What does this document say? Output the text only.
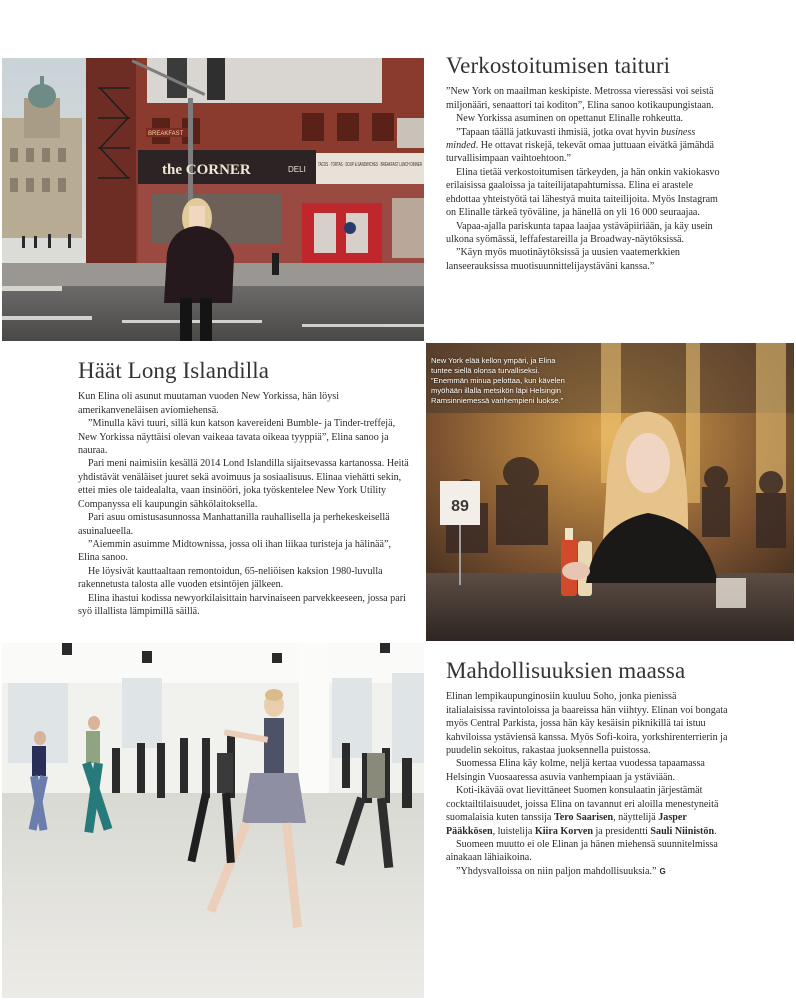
BREAKFAST
the CORNER	DELI TACOS · TORTAS · SOUP & SANDWICHES · BREAKFAST LUNCH DINNER
Verkostoitumisen taituri

”New York on maailman keskipiste. Metrossa vieressäsi voi seistä miljonääri, senaattori tai koditon”, Elina sanoo kotikaupungistaan.

New Yorkissa asuminen on opettanut Elinalle rohkeutta.

”Tapaan täällä jatkuvasti ihmisiä, jotka ovat hyvin business minded. He ottavat riskejä, tekevät omaa juttuaan eivätkä jämähdä turvallisimpaan vaihtoehtoon.”

Elina tietää verkostoitumisen tärkeyden, ja hän onkin vakiokasvo erilaisissa gaaloissa ja taiteilijatapahtumissa. Elina ei arastele ehdottaa yhteistyötä tai lähestyä muita taiteilijoita. Myös Instagram on Elinalle tärkeä työväline, ja hänellä on yli 16 000 seuraajaa.

Vapaa-ajalla pariskunta tapaa laajaa ystäväpiiriään, ja käy usein ulkona syömässä, leffafestareilla ja Broadway-näytöksissä.

”Käyn myös muotinäytöksissä ja uusien vaatemerkkien lanseerauksissa muotisuunnittelijaystäväni kanssa.”

Häät Long Islandilla

Kun Elina oli asunut muutaman vuoden New Yorkissa, hän löysi amerikanveneläisen aviomiehensä.

”Minulla kävi tuuri, sillä kun katson kavereideni Bumble- ja Tinder-treffejä, New Yorkissa näyttäisi olevan vaikeaa tavata oikeaa tyyppiä”, Elina sanoo ja nauraa.

Pari meni naimisiin kesällä 2014 Lond Islandilla sijaitsevassa kartanossa. Heitä yhdistävät venäläiset juuret sekä avoimuus ja sosiaalisuus. Elinaa viehätti sekin, ettei mies ole taidealalta, vaan insinööri, joka työskentelee New York Utility Companyssa eli kaupungin sähkölaitoksella.

Pari asuu omistusasunnossa Manhattanilla rauhallisella ja perhekeskeisellä asuinalueella.

”Aiemmin asuimme Midtownissa, jossa oli ihan liikaa turisteja ja hälinää”, Elina sanoo.

He löysivät kauttaaltaan remontoidun, 65-neliöisen kaksion 1980-luvulla rakennetusta talosta alle vuoden etsintöjen jälkeen.

Elina ihastui kodissa newyorkilaisittain harvinaiseen parvekkeeseen, jossa pari syö illallista lämpimillä säillä.

89
New York elää kellon ympäri, ja Elina tuntee siellä olonsa turvalliseksi. ”Enemmän minua pelottaa, kun kävelen myöhään illalla metsikön läpi Helsingin Ramsinniemessä vanhempieni luokse.”
Mahdollisuuksien maassa

Elinan lempikaupunginosiin kuuluu Soho, jonka pienissä italialaisissa ravintoloissa ja baareissa hän viihtyy. Elinan voi bongata myös Central Parkista, jossa hän käy kesäisin piknikillä tai istuu kahviloissa ystäviensä kanssa. Myös Sofi-koira, yorkshirenterrierin ja puudelin sekoitus, rakastaa juoksennella puistossa.

Suomessa Elina käy kolme, neljä kertaa vuodessa tapaamassa Helsingin Vuosaaressa asuvia vanhempiaan ja ystäviään.

Koti-ikävää ovat lievittäneet Suomen konsulaatin järjestämät cocktailtilaisuudet, joissa Elina on tavannut eri aloilla menestyneitä suomalaisia kuten tanssija Tero Saarisen, näyttelijä Jasper Pääkkösen, luistelija Kiira Korven ja presidentti Sauli Niinistön.

Suomeen muutto ei ole Elinan ja hänen miehensä suunnitelmissa ainakaan lähiaikoina.

”Yhdysvalloissa on niin paljon mahdollisuuksia.” G
